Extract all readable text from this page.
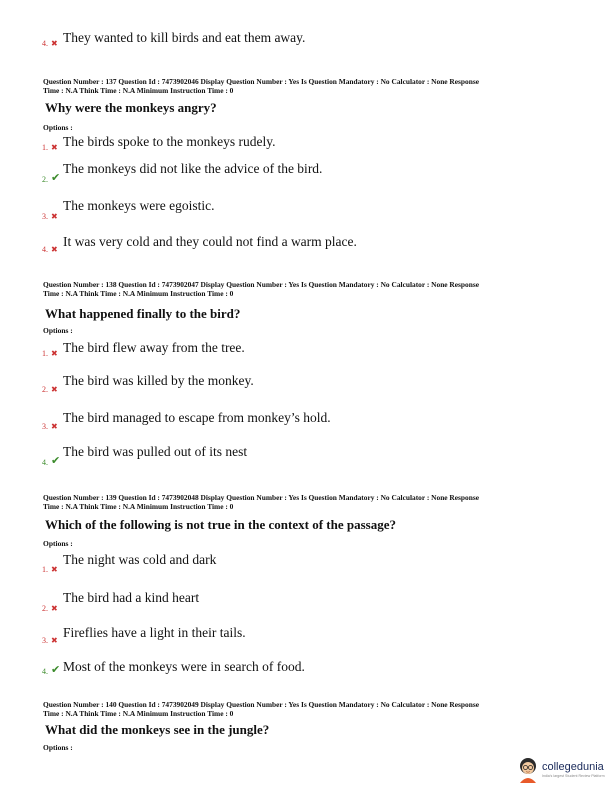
4. ✖ They wanted to kill birds and eat them away.
Question Number : 137 Question Id : 7473902046 Display Question Number : Yes Is Question Mandatory : No Calculator : None Response
Time : N.A Think Time : N.A Minimum Instruction Time : 0
Why were the monkeys angry?
Options :
1. ✖ The birds spoke to the monkeys rudely.
2. ✔
The monkeys did not like the advice of the bird.
3. ✖
The monkeys were egoistic.
4. ✖ It was very cold and they could not find a warm place.
Question Number : 138 Question Id : 7473902047 Display Question Number : Yes Is Question Mandatory : No Calculator : None Response
Time : N.A Think Time : N.A Minimum Instruction Time : 0
What happened finally to the bird?
Options :
1. ✖ The bird flew away from the tree.
2. ✖
The bird was killed by the monkey.
3. ✖
The bird managed to escape from monkey’s hold.
4. ✔
The bird was pulled out of its nest
Question Number : 139 Question Id : 7473902048 Display Question Number : Yes Is Question Mandatory : No Calculator : None Response
Time : N.A Think Time : N.A Minimum Instruction Time : 0
Which of the following is not true in the context of the passage?
Options :
1. ✖
The night was cold and dark
2. ✖
The bird had a kind heart
3. ✖ Fireflies have a light in their tails.
4. ✔ Most of the monkeys were in search of food.
Question Number : 140 Question Id : 7473902049 Display Question Number : Yes Is Question Mandatory : No Calculator : None Response
Time : N.A Think Time : N.A Minimum Instruction Time : 0
What did the monkeys see in the jungle?
Options :
collegedunia
India's largest Student Review Platform
